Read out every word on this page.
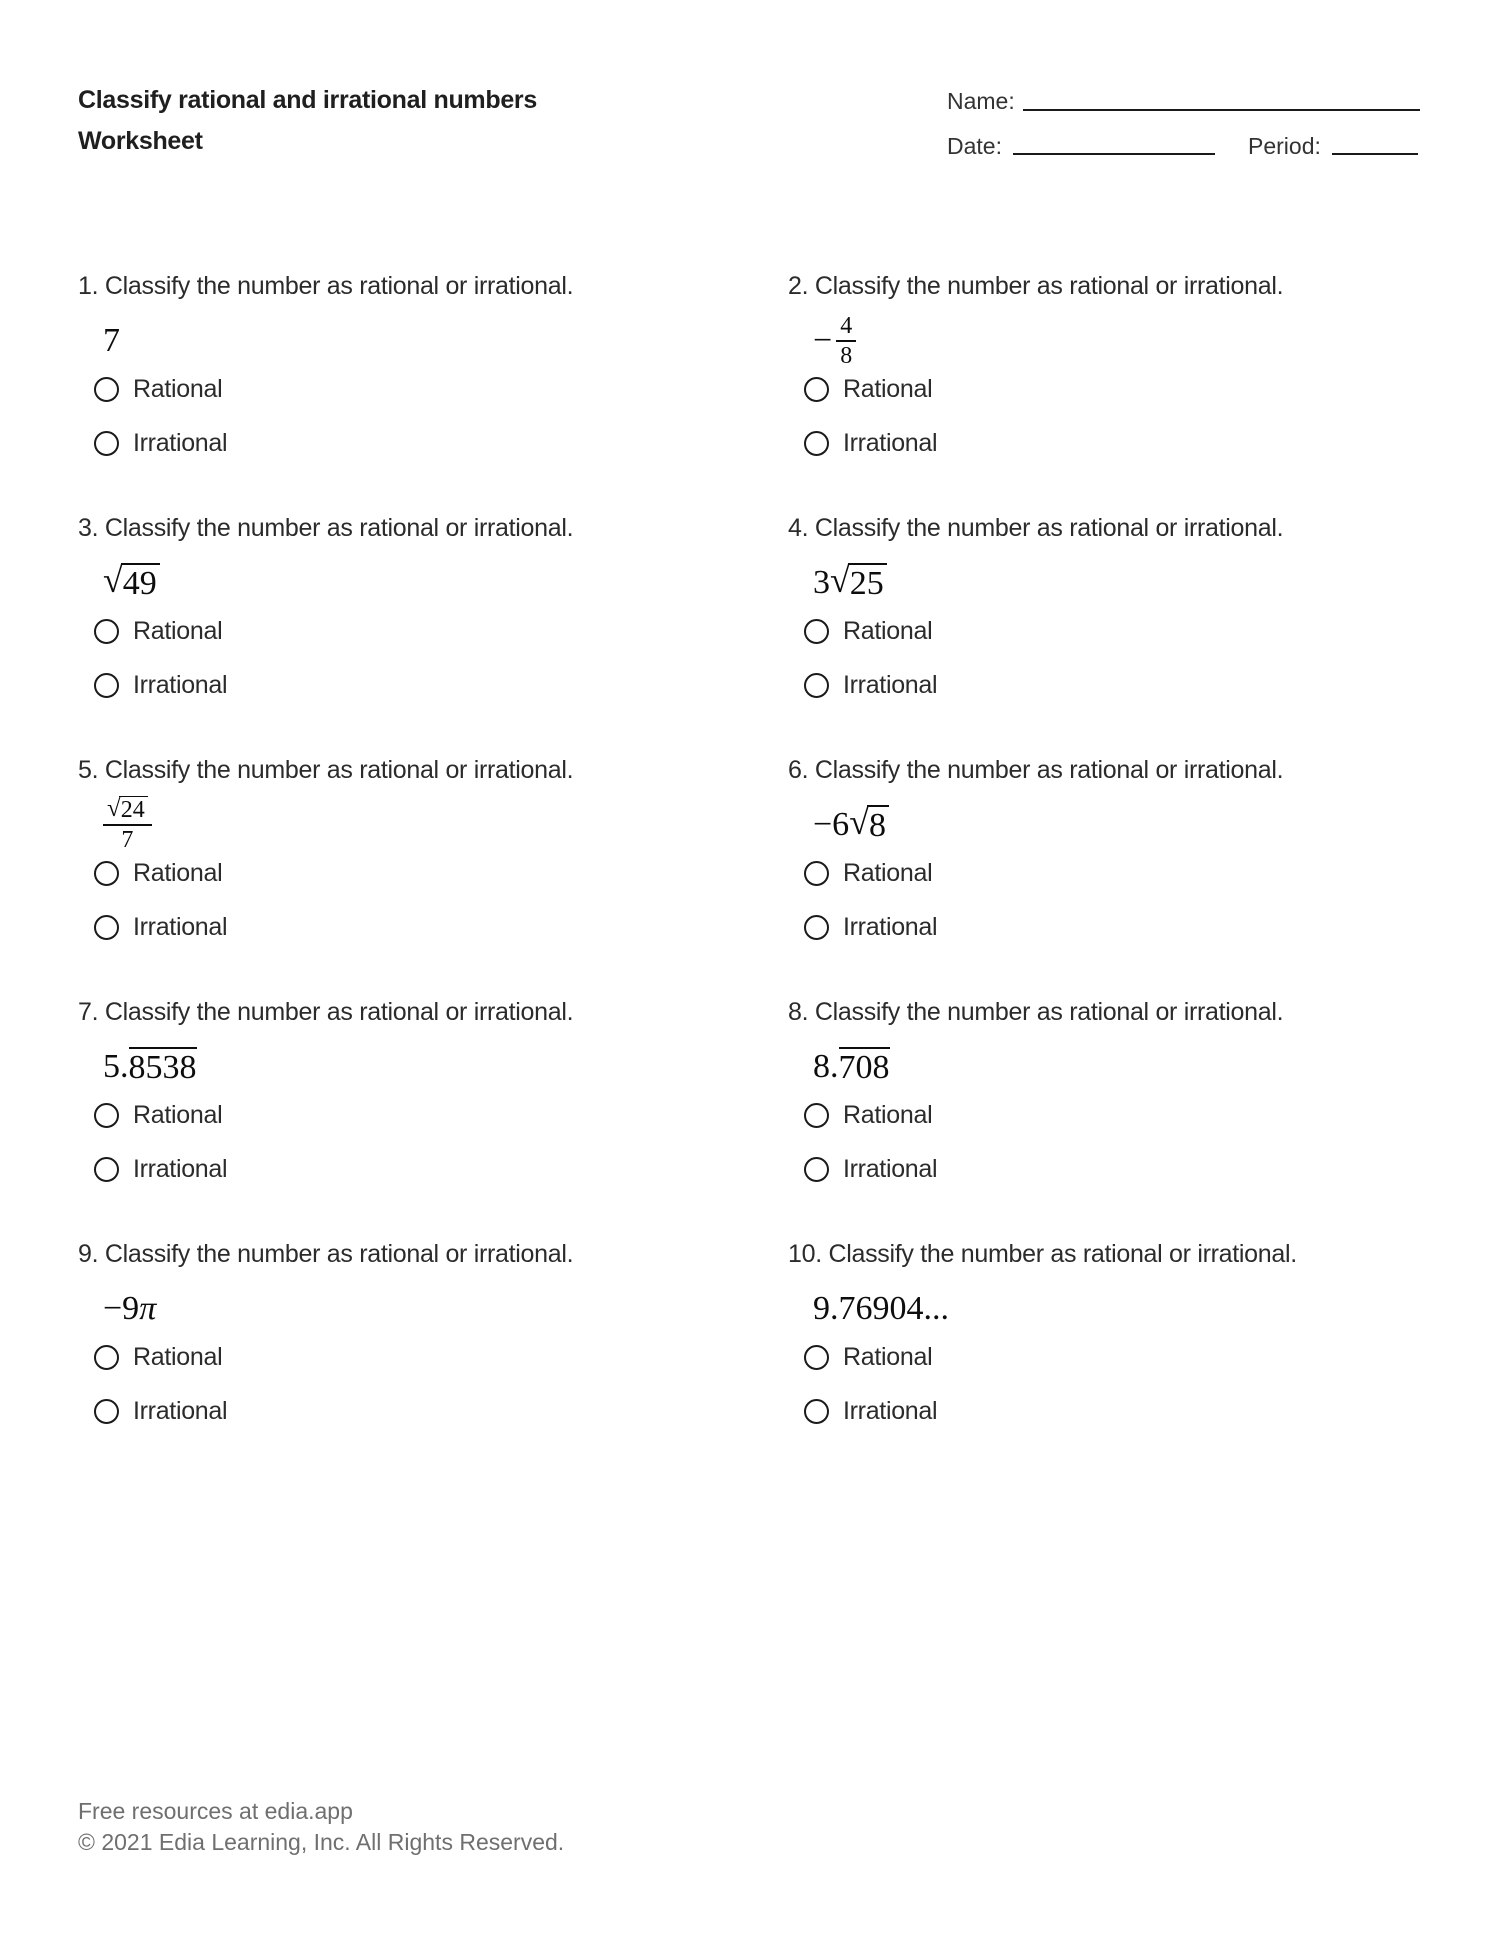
Classify rational and irrational numbers
Worksheet
Name:
Date:	Period:
1. Classify the number as rational or irrational.
7
Rational
Irrational
2. Classify the number as rational or irrational.
− $\frac{4}{8}$
Rational
Irrational
3. Classify the number as rational or irrational.
√ 49
Rational
Irrational
4. Classify the number as rational or irrational.
3 √ 25
Rational
Irrational
5. Classify the number as rational or irrational.
$\frac{√ 24}{7}$
Rational
Irrational
6. Classify the number as rational or irrational.
−6 √ 8
Rational
Irrational
7. Classify the number as rational or irrational.
5. 8538
Rational
Irrational
8. Classify the number as rational or irrational.
8. 708
Rational
Irrational
9. Classify the number as rational or irrational.
−9 π
Rational
Irrational
10. Classify the number as rational or irrational.
9.76904...
Rational
Irrational
Free resources at edia.app
© 2021 Edia Learning, Inc. All Rights Reserved.
